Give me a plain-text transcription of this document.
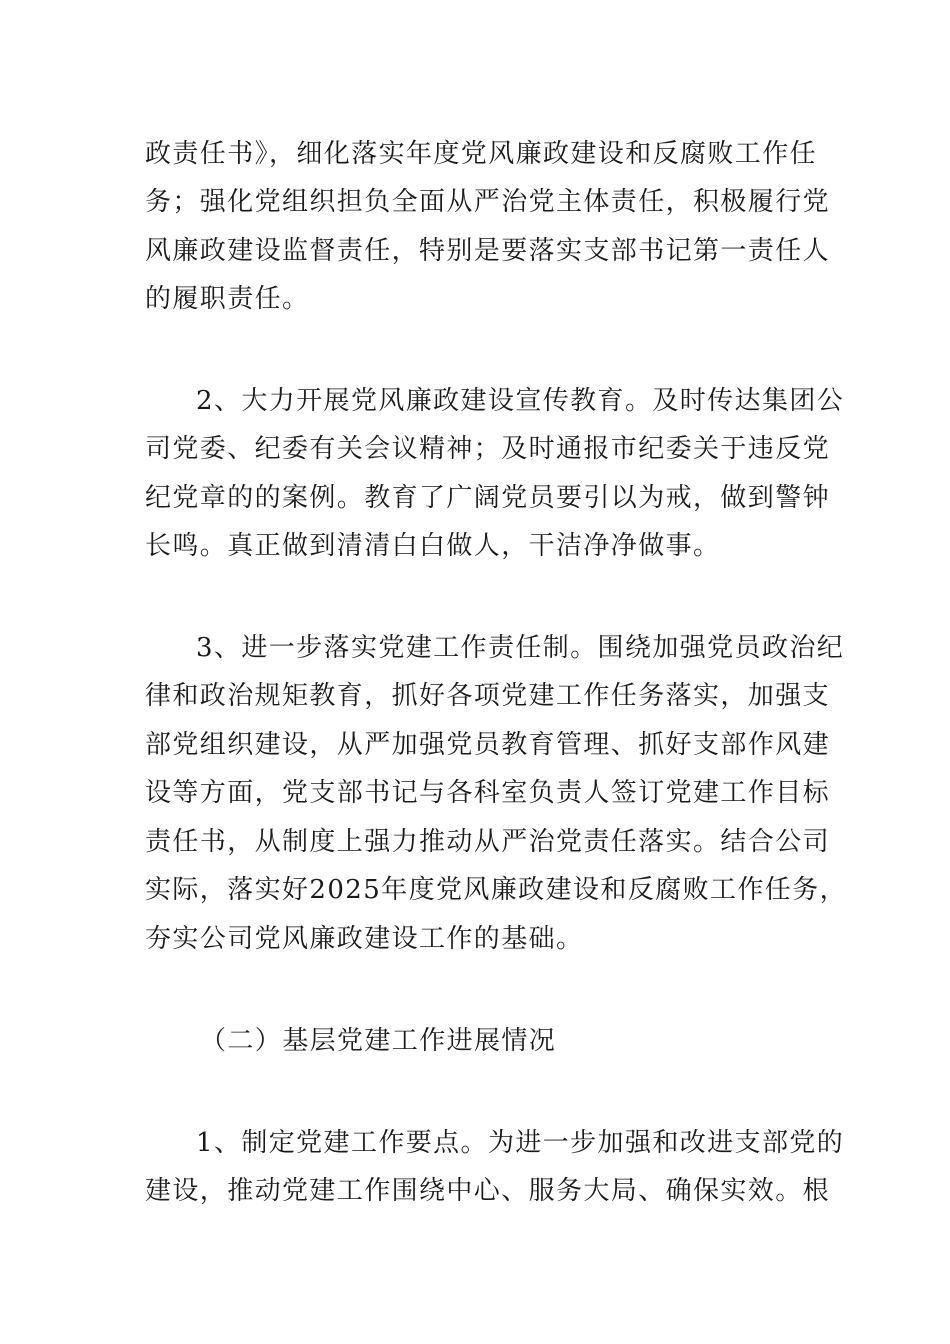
政责任书》，细化落实年度党风廉政建设和反腐败工作任
务；强化党组织担负全面从严治党主体责任，积极履行党
风廉政建设监督责任，特别是要落实支部书记第一责任人
的履职责任。
2、大力开展党风廉政建设宣传教育。及时传达集团公
司党委、纪委有关会议精神；及时通报市纪委关于违反党
纪党章的的案例。教育了广阔党员要引以为戒，做到警钟
长鸣。真正做到清清白白做人，干洁净净做事。
3、进一步落实党建工作责任制。围绕加强党员政治纪
律和政治规矩教育，抓好各项党建工作任务落实，加强支
部党组织建设，从严加强党员教育管理、抓好支部作风建
设等方面，党支部书记与各科室负责人签订党建工作目标
责任书，从制度上强力推动从严治党责任落实。结合公司
实际，落实好2025年度党风廉政建设和反腐败工作任务，
夯实公司党风廉政建设工作的基础。
（二）基层党建工作进展情况
1、制定党建工作要点。为进一步加强和改进支部党的
建设，推动党建工作围绕中心、服务大局、确保实效。根
